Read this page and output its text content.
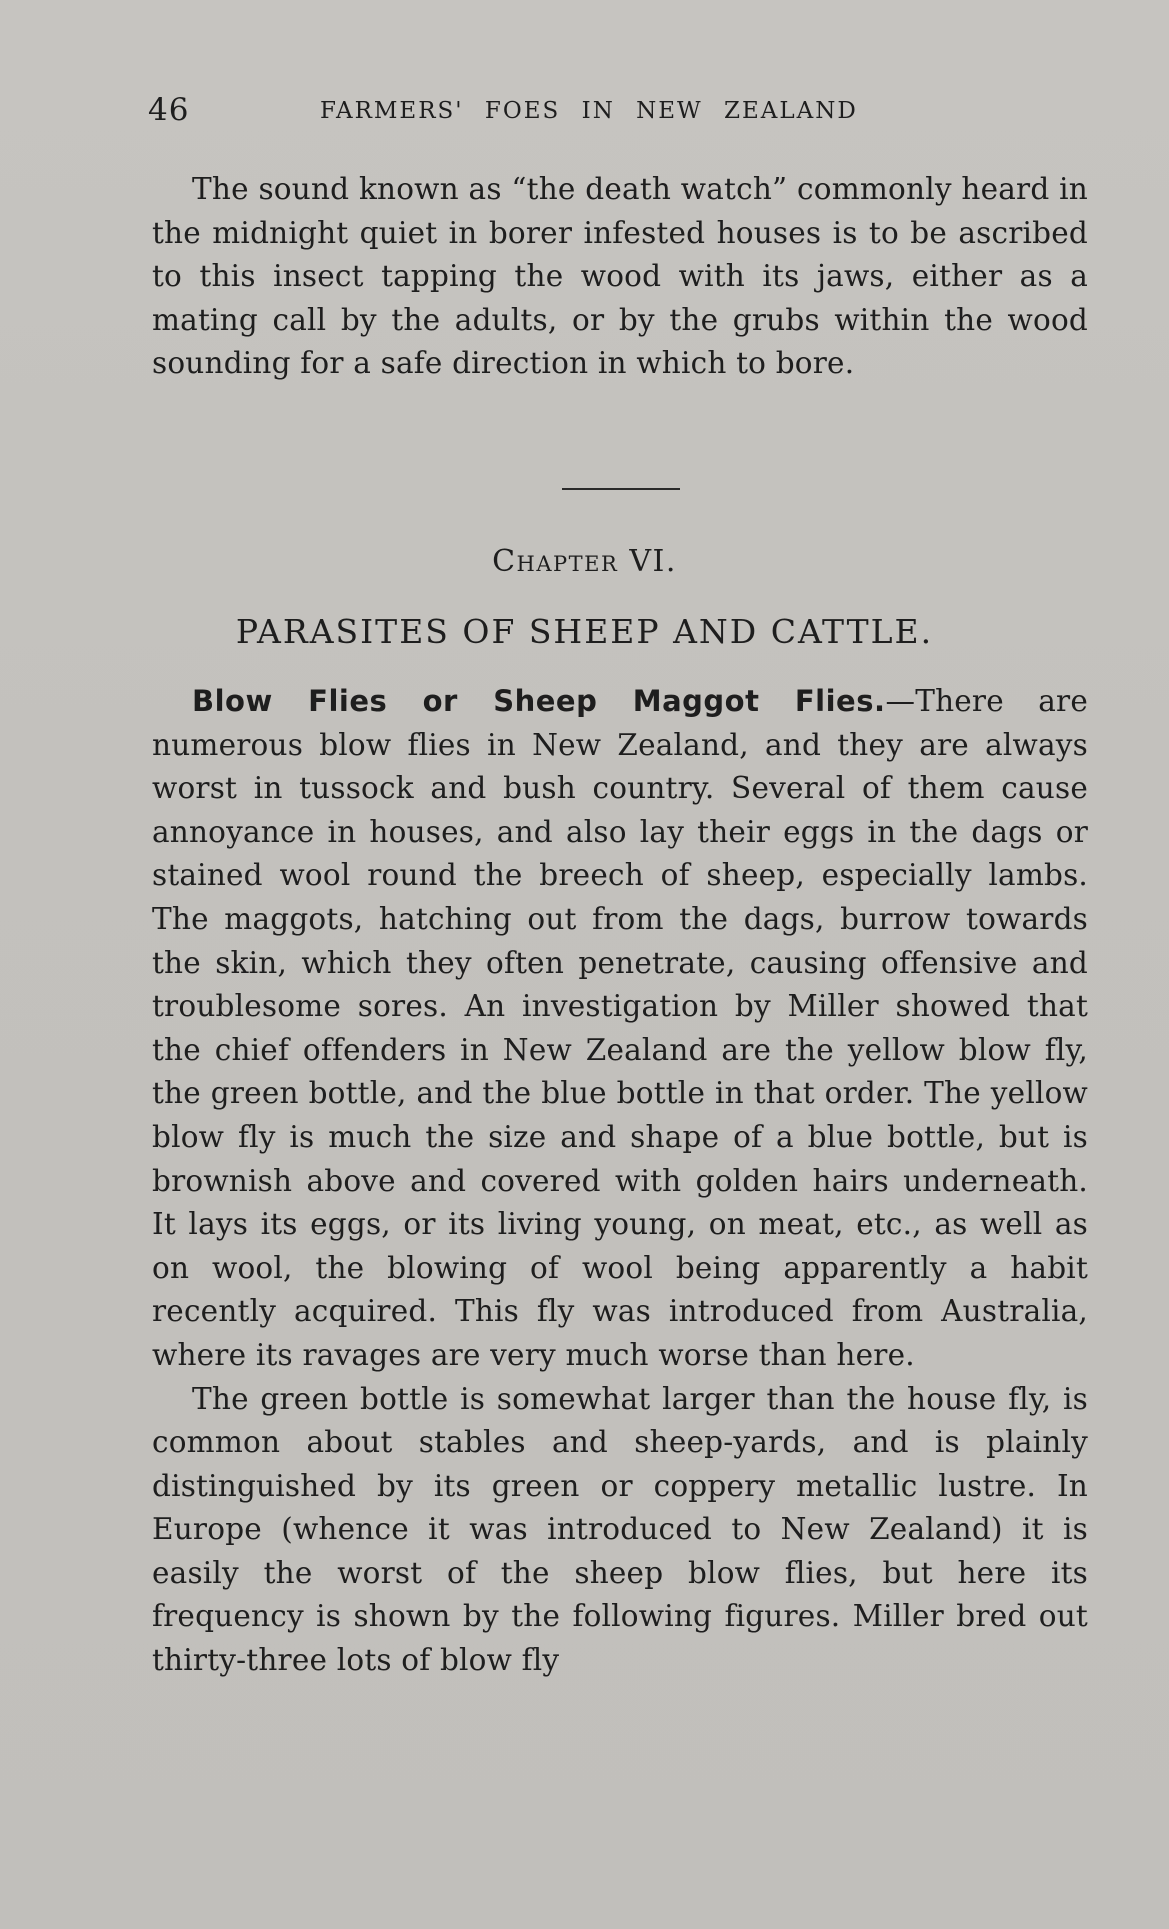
46	FARMERS' FOES IN NEW ZEALAND

The sound known as “the death watch” commonly heard in the midnight quiet in borer infested houses is to be ascribed to this insect tapping the wood with its jaws, either as a mating call by the adults, or by the grubs within the wood sounding for a safe direction in which to bore.

Chapter VI.
PARASITES OF SHEEP AND CATTLE.

Blow Flies or Sheep Maggot Flies.—There are numerous blow flies in New Zealand, and they are always worst in tussock and bush country. Several of them cause annoyance in houses, and also lay their eggs in the dags or stained wool round the breech of sheep, especially lambs. The maggots, hatching out from the dags, burrow towards the skin, which they often penetrate, causing offensive and troublesome sores. An investigation by Miller showed that the chief offenders in New Zealand are the yellow blow fly, the green bottle, and the blue bottle in that order. The yellow blow fly is much the size and shape of a blue bottle, but is brownish above and covered with golden hairs underneath. It lays its eggs, or its living young, on meat, etc., as well as on wool, the blowing of wool being apparently a habit recently acquired. This fly was introduced from Australia, where its ravages are very much worse than here.

The green bottle is somewhat larger than the house fly, is common about stables and sheep-yards, and is plainly distinguished by its green or coppery metallic lustre. In Europe (whence it was introduced to New Zealand) it is easily the worst of the sheep blow flies, but here its frequency is shown by the following figures. Miller bred out thirty-three lots of blow fly
